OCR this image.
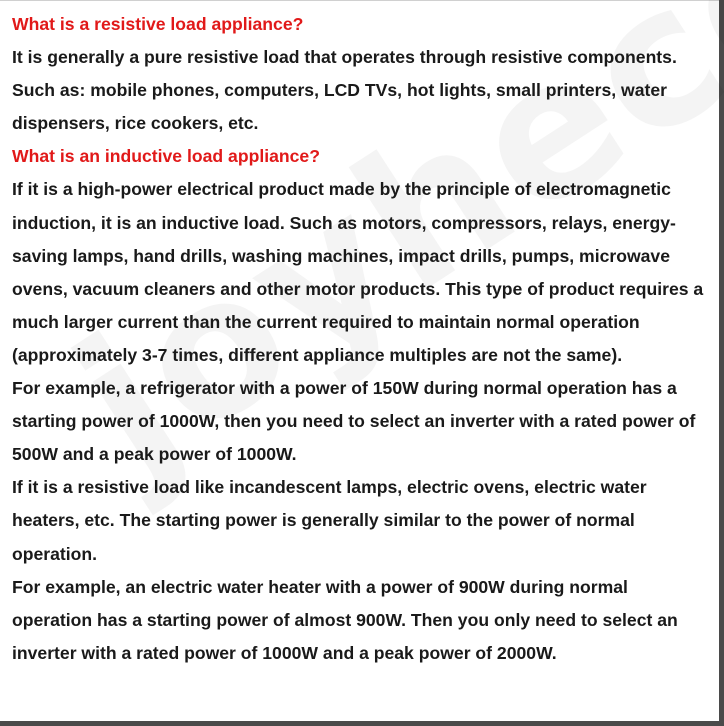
What is a resistive load appliance?

It is generally a pure resistive load that operates through resistive components. Such as: mobile phones, computers, LCD TVs, hot lights, small printers, water dispensers, rice cookers, etc.

What is an inductive load appliance?

If it is a high-power electrical product made by the principle of electromagnetic induction, it is an inductive load. Such as motors, compressors, relays, energy-saving lamps, hand drills, washing machines, impact drills, pumps, microwave ovens, vacuum cleaners and other motor products. This type of product requires a much larger current than the current required to maintain normal operation (approximately 3-7 times, different appliance multiples are not the same).

For example, a refrigerator with a power of 150W during normal operation has a starting power of 1000W, then you need to select an inverter with a rated power of 500W and a peak power of 1000W.

If it is a resistive load like incandescent lamps, electric ovens, electric water heaters, etc. The starting power is generally similar to the power of normal operation.

For example, an electric water heater with a power of 900W during normal operation has a starting power of almost 900W. Then you only need to select an inverter with a rated power of 1000W and a peak power of 2000W.
